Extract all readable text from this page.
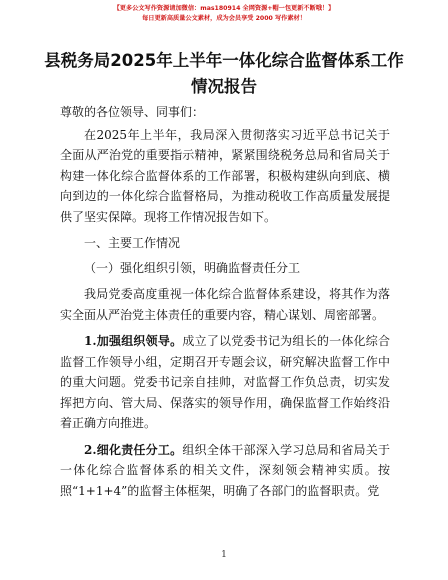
【更多公文写作资源请加微信：mas180914 全网资源+帽一包更新不断哦！】
每日更新高质量公文素材，成为会员享受 2000 写作素材！
县税务局2025年上半年一体化综合监督体系工作情况报告

尊敬的各位领导、同事们：

在2025年上半年，我局深入贯彻落实习近平总书记关于全面从严治党的重要指示精神，紧紧围绕税务总局和省局关于构建一体化综合监督体系的工作部署，积极构建纵向到底、横向到边的一体化综合监督格局，为推动税收工作高质量发展提供了坚实保障。现将工作情况报告如下。

一、主要工作情况

（一）强化组织引领，明确监督责任分工

我局党委高度重视一体化综合监督体系建设，将其作为落实全面从严治党主体责任的重要内容，精心谋划、周密部署。

1.加强组织领导。成立了以党委书记为组长的一体化综合监督工作领导小组，定期召开专题会议，研究解决监督工作中的重大问题。党委书记亲自挂帅，对监督工作负总责，切实发挥把方向、管大局、保落实的领导作用，确保监督工作始终沿着正确方向推进。

2.细化责任分工。组织全体干部深入学习总局和省局关于一体化综合监督体系的相关文件，深刻领会精神实质。按照“1+1+4”的监督主体框架，明确了各部门的监督职责。党

1
